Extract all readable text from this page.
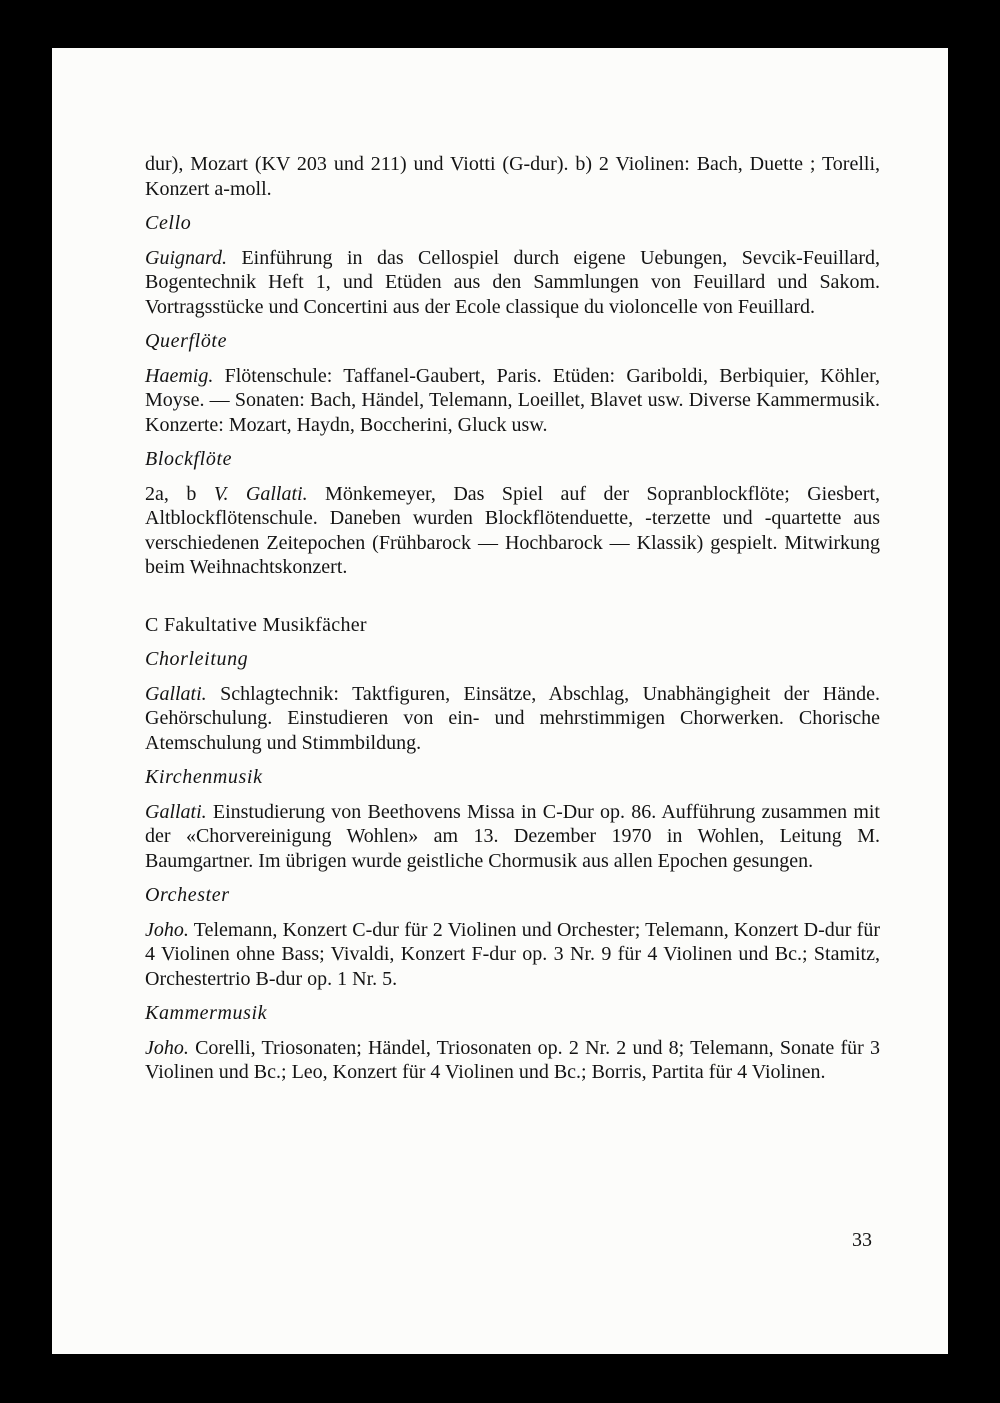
dur), Mozart (KV 203 und 211) und Viotti (G-dur). b) 2 Violinen: Bach, Duette ; Torelli, Konzert a-moll.

Cello

Guignard. Einführung in das Cellospiel durch eigene Uebungen, Sevcik-Feuillard, Bogentechnik Heft 1, und Etüden aus den Sammlungen von Feuillard und Sakom. Vortragsstücke und Concertini aus der Ecole classique du violoncelle von Feuillard.

Querflöte

Haemig. Flötenschule: Taffanel-Gaubert, Paris. Etüden: Gariboldi, Berbiquier, Köhler, Moyse. — Sonaten: Bach, Händel, Telemann, Loeillet, Blavet usw. Diverse Kammermusik. Konzerte: Mozart, Haydn, Boccherini, Gluck usw.

Blockflöte

2a, b V. Gallati. Mönkemeyer, Das Spiel auf der Sopranblockflöte; Giesbert, Altblockflötenschule. Daneben wurden Blockflötenduette, -terzette und -quartette aus verschiedenen Zeitepochen (Frühbarock — Hochbarock — Klassik) gespielt. Mitwirkung beim Weihnachtskonzert.

C Fakultative Musikfächer

Chorleitung

Gallati. Schlagtechnik: Taktfiguren, Einsätze, Abschlag, Unabhängigheit der Hände. Gehörschulung. Einstudieren von ein- und mehrstimmigen Chorwerken. Chorische Atemschulung und Stimmbildung.

Kirchenmusik

Gallati. Einstudierung von Beethovens Missa in C-Dur op. 86. Aufführung zusammen mit der «Chorvereinigung Wohlen» am 13. Dezember 1970 in Wohlen, Leitung M. Baumgartner. Im übrigen wurde geistliche Chormusik aus allen Epochen gesungen.

Orchester

Joho. Telemann, Konzert C-dur für 2 Violinen und Orchester; Telemann, Konzert D-dur für 4 Violinen ohne Bass; Vivaldi, Konzert F-dur op. 3 Nr. 9 für 4 Violinen und Bc.; Stamitz, Orchestertrio B-dur op. 1 Nr. 5.

Kammermusik

Joho. Corelli, Triosonaten; Händel, Triosonaten op. 2 Nr. 2 und 8; Telemann, Sonate für 3 Violinen und Bc.; Leo, Konzert für 4 Violinen und Bc.; Borris, Partita für 4 Violinen.

33
